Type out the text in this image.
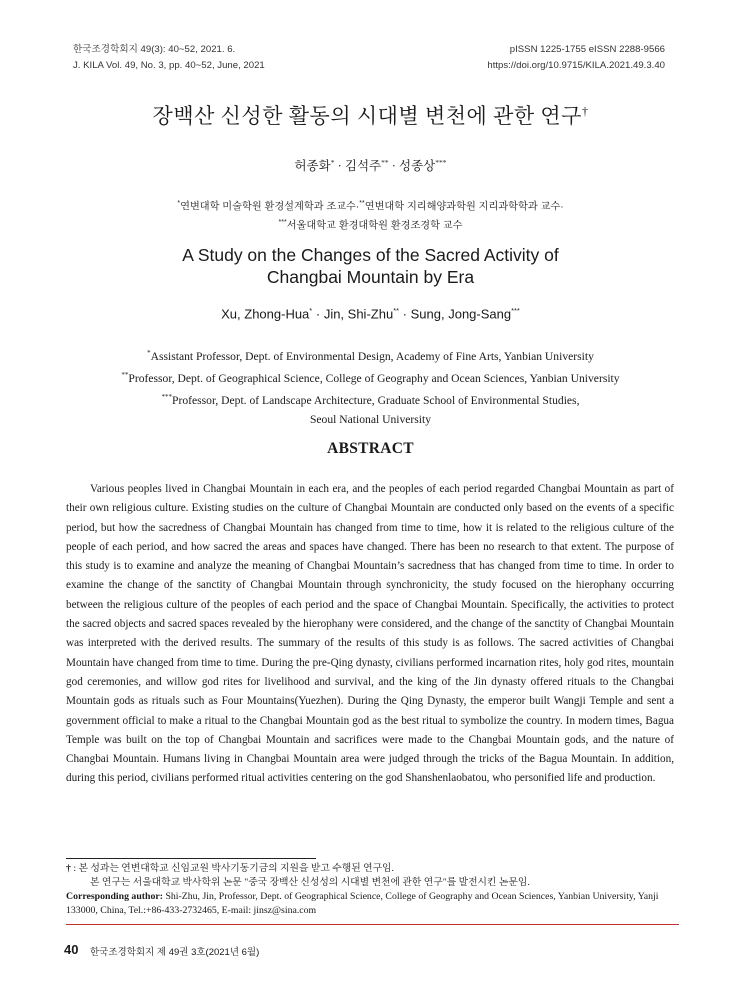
한국조경학회지 49(3): 40~52, 2021. 6.
J. KILA Vol. 49, No. 3, pp. 40~52, June, 2021
pISSN 1225-1755 eISSN 2288-9566
https://doi.org/10.9715/KILA.2021.49.3.40
장백산 신성한 활동의 시대별 변천에 관한 연구†
허종화* · 김석주** · 성종상***
*연변대학 미술학원 환경설계학과 조교수·**연변대학 지리해양과학원 지리과학학과 교수·
***서울대학교 환경대학원 환경조경학 교수
A Study on the Changes of the Sacred Activity of
Changbai Mountain by Era
Xu, Zhong-Hua* · Jin, Shi-Zhu** · Sung, Jong-Sang***
*Assistant Professor, Dept. of Environmental Design, Academy of Fine Arts, Yanbian University
**Professor, Dept. of Geographical Science, College of Geography and Ocean Sciences, Yanbian University
***Professor, Dept. of Landscape Architecture, Graduate School of Environmental Studies,
Seoul National University
ABSTRACT

Various peoples lived in Changbai Mountain in each era, and the peoples of each period regarded Changbai Mountain as part of their own religious culture. Existing studies on the culture of Changbai Mountain are conducted only based on the events of a specific period, but how the sacredness of Changbai Mountain has changed from time to time, how it is related to the religious culture of the people of each period, and how sacred the areas and spaces have changed. There has been no research to that extent. The purpose of this study is to examine and analyze the meaning of Changbai Mountain’s sacredness that has changed from time to time. In order to examine the change of the sanctity of Changbai Mountain through synchronicity, the study focused on the hierophany occurring between the religious culture of the peoples of each period and the space of Changbai Mountain. Specifically, the activities to protect the sacred objects and sacred spaces revealed by the hierophany were considered, and the change of the sanctity of Changbai Mountain was interpreted with the derived results. The summary of the results of this study is as follows. The sacred activities of Changbai Mountain have changed from time to time. During the pre-Qing dynasty, civilians performed incarnation rites, holy god rites, mountain god ceremonies, and willow god rites for livelihood and survival, and the king of the Jin dynasty offered rituals to the Changbai Mountain gods as rituals such as Four Mountains(Yuezhen). During the Qing Dynasty, the emperor built Wangji Temple and sent a government official to make a ritual to the Changbai Mountain god as the best ritual to symbolize the country. In modern times, Bagua Temple was built on the top of Changbai Mountain and sacrifices were made to the Changbai Mountain gods, and the nature of Changbai Mountain. Humans living in Changbai Mountain area were judged through the tricks of the Bagua Mountain. In addition, during this period, civilians performed ritual activities centering on the god Shanshenlaobatou, who personified life and production.

† : 본 성과는 연변대학교 신임교원 박사기동기금의 지원을 받고 수행된 연구임.

본 연구는 서울대학교 박사학위 논문 "중국 장백산 신성성의 시대별 변천에 관한 연구"를 발전시킨 논문임.

Corresponding author: Shi-Zhu, Jin, Professor, Dept. of Geographical Science, College of Geography and Ocean Sciences, Yanbian University, Yanji 133000, China, Tel.:+86-433-2732465, E-mail: jinsz@sina.com

40 한국조경학회지 제 49권 3호(2021년 6월)
